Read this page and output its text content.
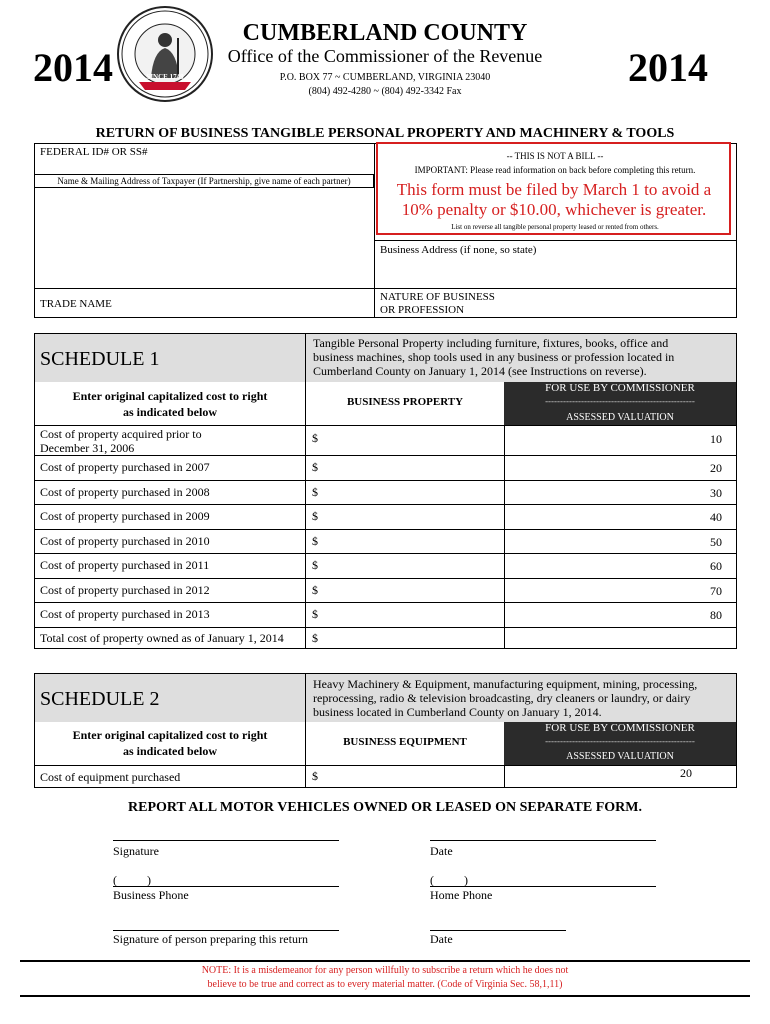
2014	2014
SINCE 1749
CUMBERLAND COUNTY
Office of the Commissioner of the Revenue
P.O. BOX 77 ~ CUMBERLAND, VIRGINIA 23040
(804) 492-4280 ~ (804) 492-3342 Fax
RETURN OF BUSINESS TANGIBLE PERSONAL PROPERTY AND MACHINERY & TOOLS
FEDERAL ID# OR SS#
Name & Mailing Address of Taxpayer (If Partnership, give name of each partner)
TRADE NAME
-- THIS IS NOT A BILL --
IMPORTANT: Please read information on back before completing this return.
This form must be filed by March 1 to avoid a
10% penalty or $10.00, whichever is greater.
List on reverse all tangible personal property leased or rented from others.
Business Address (if none, so state)
NATURE OF BUSINESS
OR PROFESSION
SCHEDULE 1
Tangible Personal Property including furniture, fixtures, books, office and
business machines, shop tools used in any business or profession located in
Cumberland County on January 1, 2014 (see Instructions on reverse).
FOR USE BY COMMISSIONER
--------------------------------------------------
ASSESSED VALUATION
Enter original capitalized cost to right
as indicated below
BUSINESS PROPERTY
Cost of property acquired prior to
December 31, 2006
$	10
Cost of property purchased in 2007	$	20
Cost of property purchased in 2008	$	30
Cost of property purchased in 2009	$	40
Cost of property purchased in 2010	$	50
Cost of property purchased in 2011	$	60
Cost of property purchased in 2012	$	70
Cost of property purchased in 2013	$	80
Total cost of property owned as of January 1, 2014 $
SCHEDULE 2
Heavy Machinery & Equipment, manufacturing equipment, mining, processing,
reprocessing, radio & television broadcasting, dry cleaners or laundry, or dairy
business located in Cumberland County on January 1, 2014.
FOR USE BY COMMISSIONER
--------------------------------------------------
ASSESSED VALUATION
Enter original capitalized cost to right
as indicated below
BUSINESS EQUIPMENT
Cost of equipment purchased	$	20
REPORT ALL MOTOR VEHICLES OWNED OR LEASED ON SEPARATE FORM.
Signature	Date
(          )
Business Phone
(          )
Home Phone
Signature of person preparing this return	Date
NOTE: It is a misdemeanor for any person willfully to subscribe a return which he does not
believe to be true and correct as to every material matter. (Code of Virginia Sec. 58,1,11)
